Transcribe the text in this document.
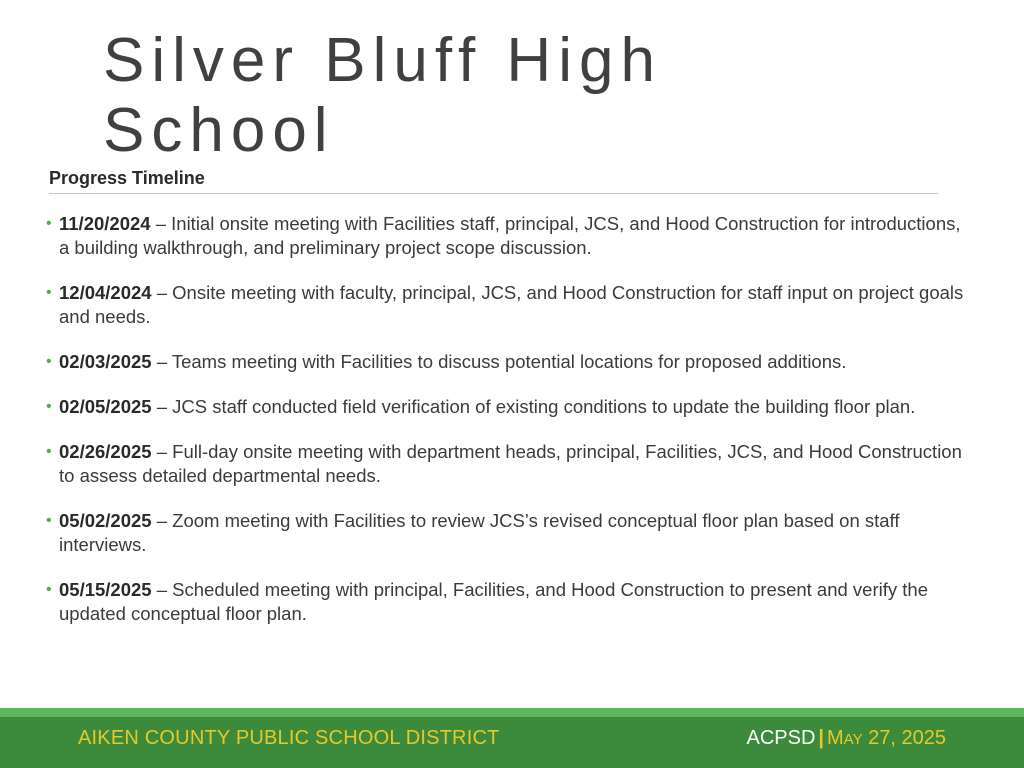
Silver Bluff High School
Progress Timeline
• 11/20/2024 – Initial onsite meeting with Facilities staff, principal, JCS, and Hood Construction for introductions, a building walkthrough, and preliminary project scope discussion.
• 12/04/2024 – Onsite meeting with faculty, principal, JCS, and Hood Construction for staff input on project goals and needs.
• 02/03/2025 – Teams meeting with Facilities to discuss potential locations for proposed additions.
• 02/05/2025 – JCS staff conducted field verification of existing conditions to update the building floor plan.
• 02/26/2025 – Full-day onsite meeting with department heads, principal, Facilities, JCS, and Hood Construction to assess detailed departmental needs.
• 05/02/2025 – Zoom meeting with Facilities to review JCS’s revised conceptual floor plan based on staff interviews.
• 05/15/2025 – Scheduled meeting with principal, Facilities, and Hood Construction to present and verify the updated conceptual floor plan.
AIKEN COUNTY PUBLIC SCHOOL DISTRICT	ACPSD | MAY 27, 2025
